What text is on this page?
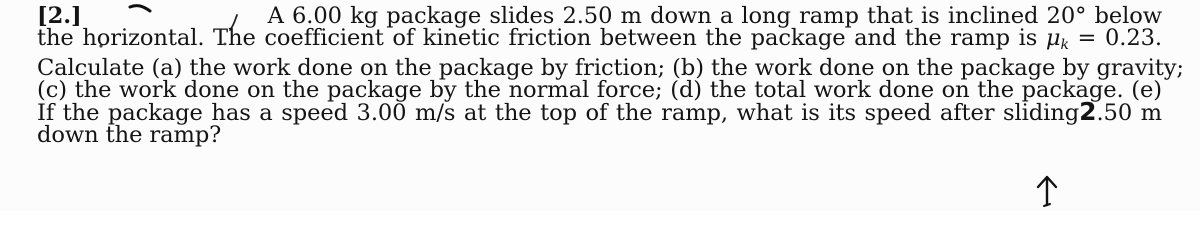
[2.]	A 6.00 kg package slides 2.50 m down a long ramp that is inclined 20° below
the horizontal. The coefficient of kinetic friction between the package and the ramp is $\mu_k = 0.23$.
Calculate (a) the work done on the package by friction; (b) the work done on the package by gravity;
(c) the work done on the package by the normal force; (d) the total work done on the package. (e)
If the package has a speed 3.00 m/s at the top of the ramp, what is its speed after sliding2.50 m
down the ramp?
